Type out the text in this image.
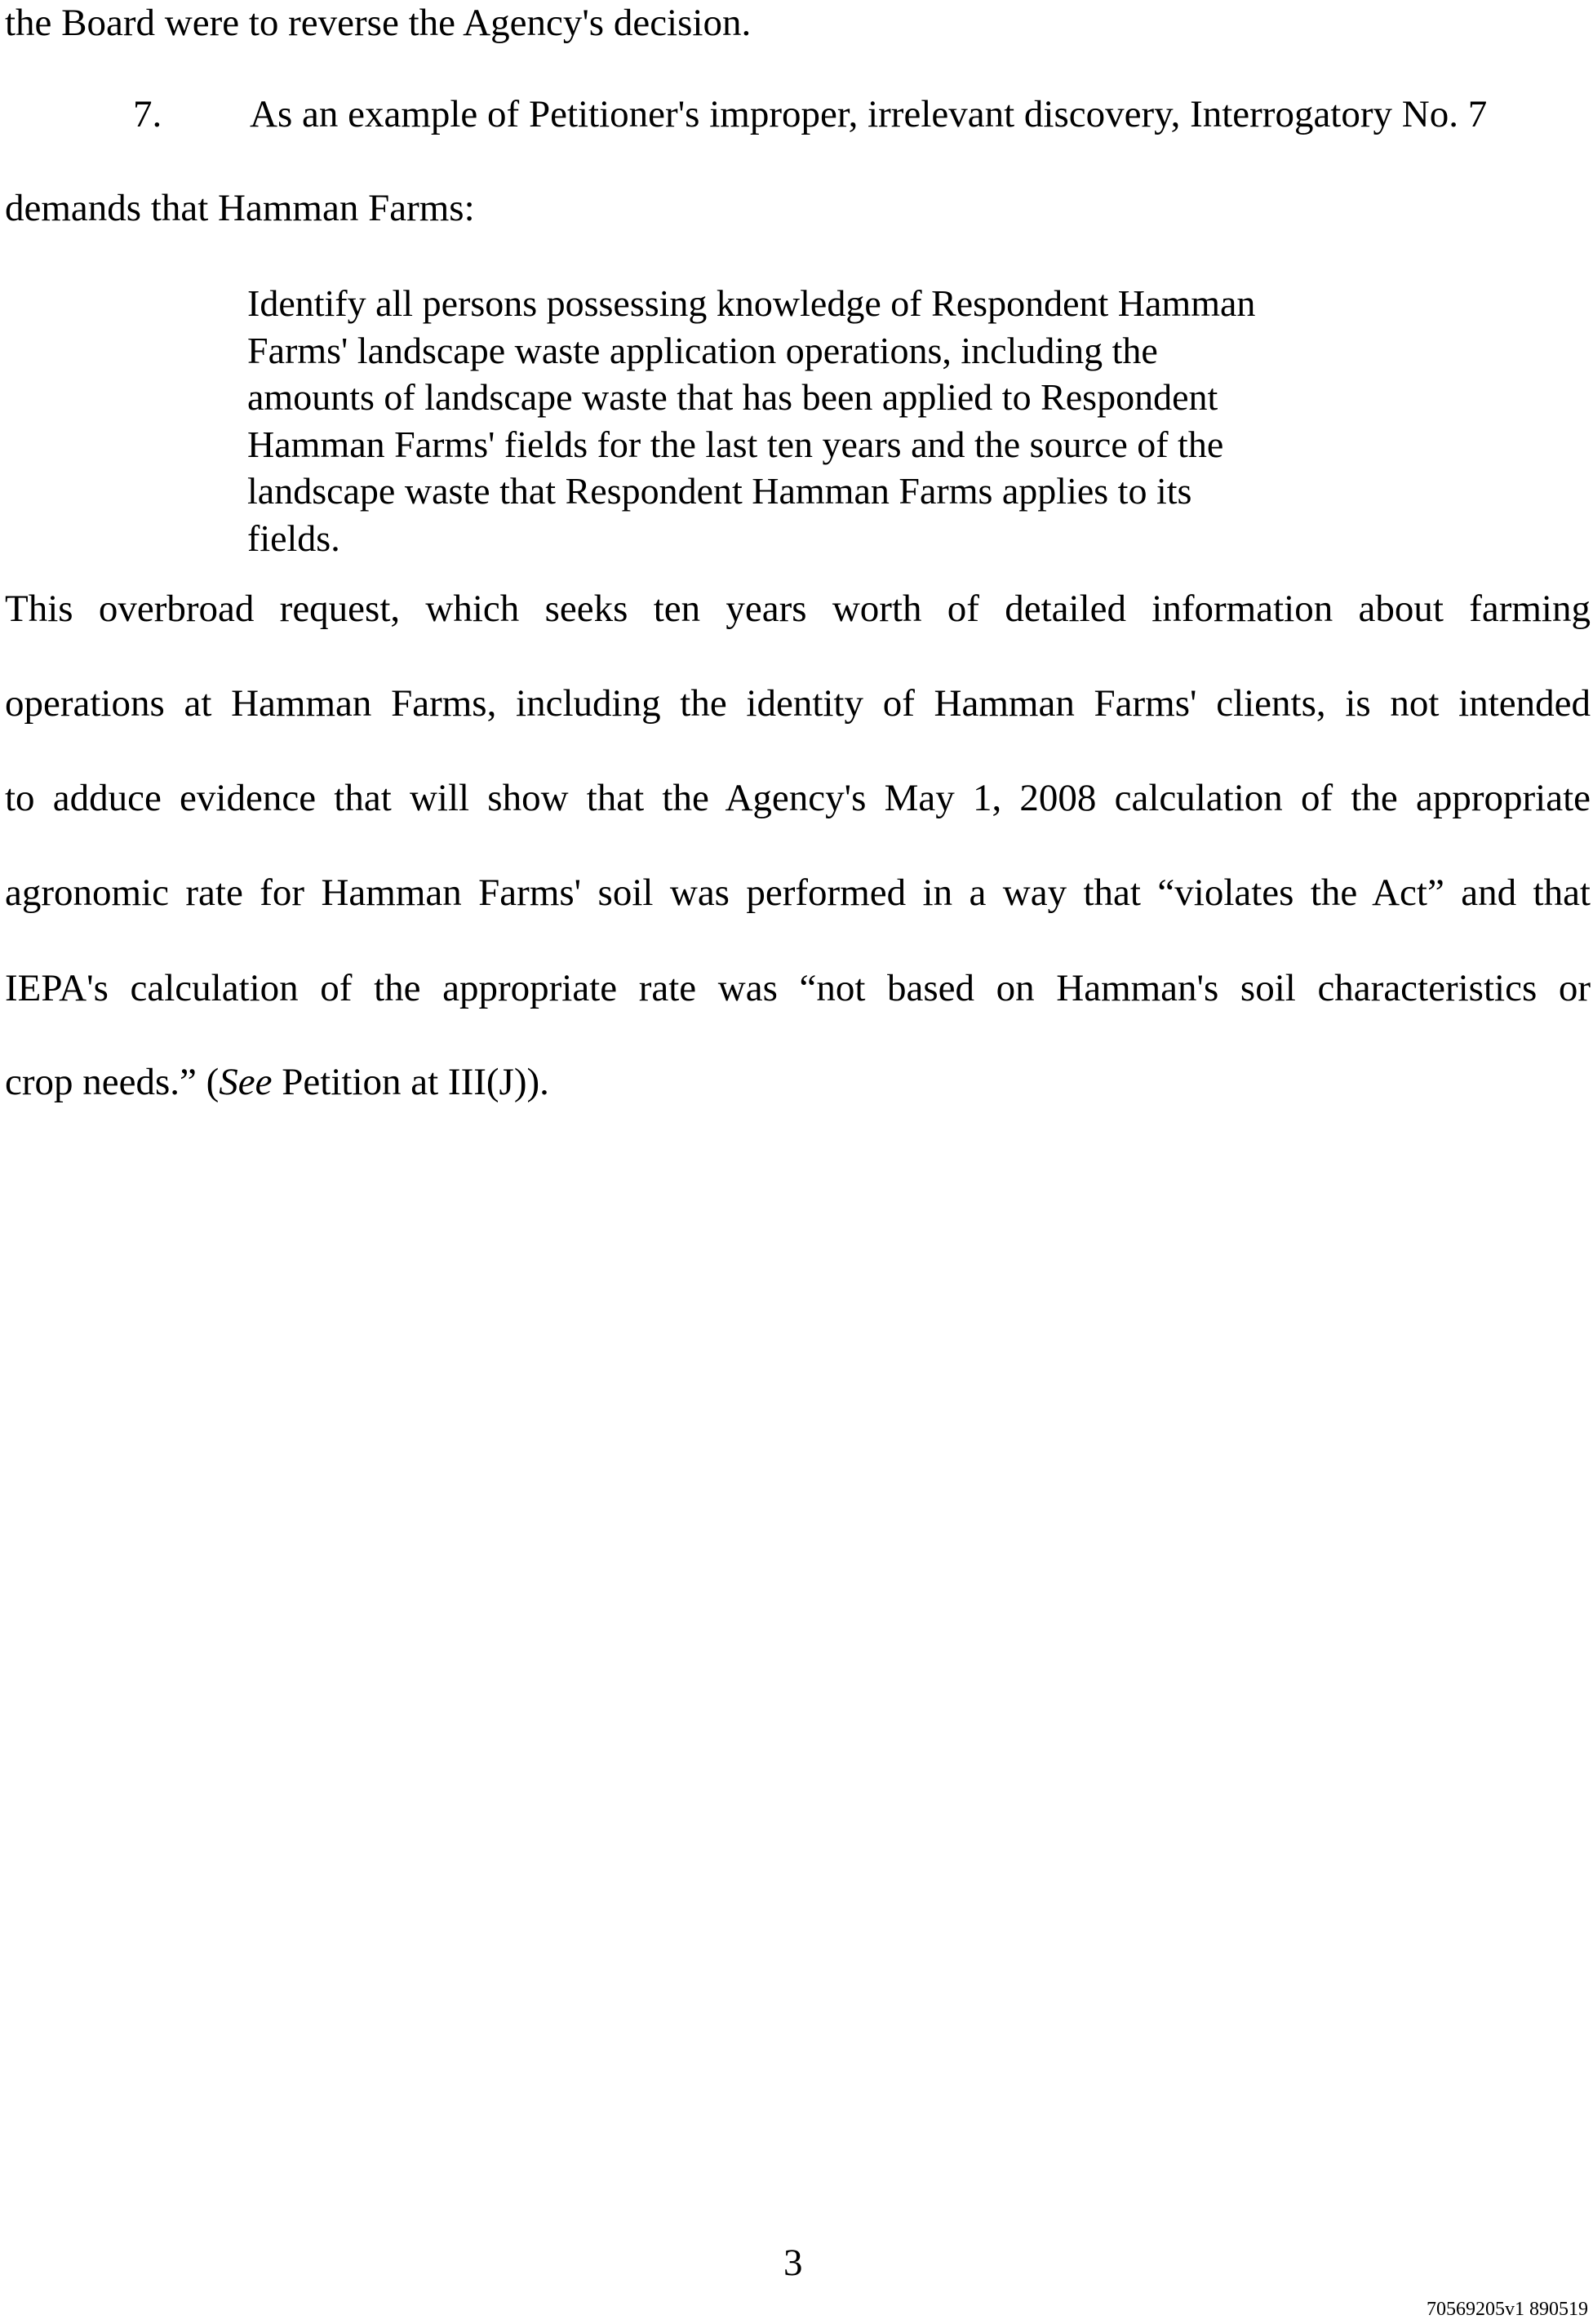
the Board were to reverse the Agency's decision.
7. As an example of Petitioner's improper, irrelevant discovery, Interrogatory No. 7
demands that Hamman Farms:
Identify all persons possessing knowledge of Respondent Hamman
Farms' landscape waste application operations, including the
amounts of landscape waste that has been applied to Respondent
Hamman Farms' fields for the last ten years and the source of the
landscape waste that Respondent Hamman Farms applies to its
fields.
This overbroad request, which seeks ten years worth of detailed information about farming
operations at Hamman Farms, including the identity of Hamman Farms' clients, is not intended
to adduce evidence that will show that the Agency's May 1, 2008 calculation of the appropriate
agronomic rate for Hamman Farms' soil was performed in a way that “violates the Act” and that
IEPA's calculation of the appropriate rate was “not based on Hamman's soil characteristics or
crop needs.” (See Petition at III(J)).
3
70569205v1 890519
